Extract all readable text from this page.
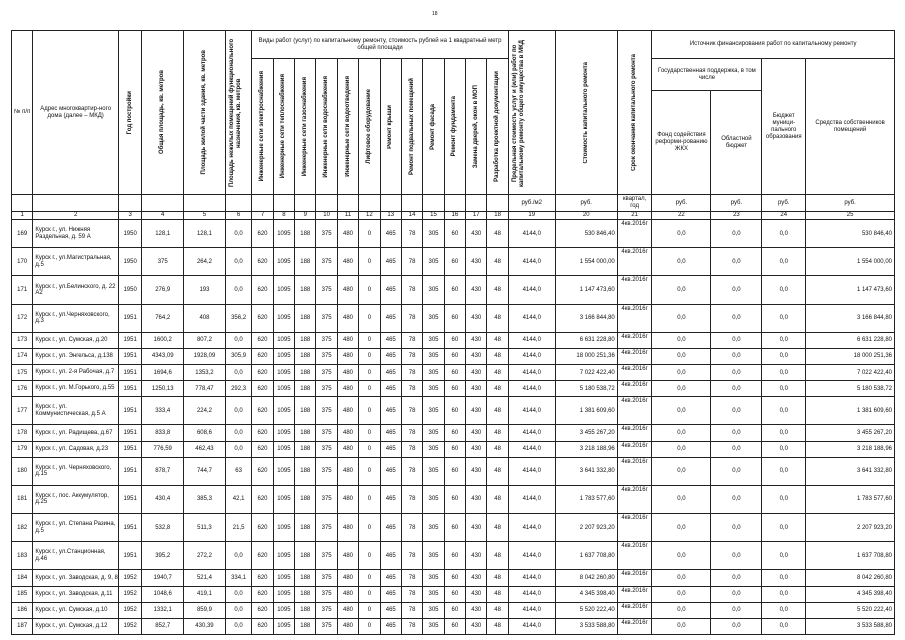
18
№ п/п	Адрес многоквартир-ного дома (далее – МКД)	Год постройки	Общая площадь, кв. метров	Площадь жилой части здания, кв. метров	Площадь нежилых помещений функционального назначения, кв. метров	Виды работ (услуг) по капитальному ремонту, стоимость рублей на 1 квадратный метр общей площади												Предельная стоимость услуг и (или) работ по капитальному ремонту общего имущества в МКД	Стоимость капитального ремонта	Срок окончания капитального ремонта	Источник финансирования работ по капитальному ремонту			

						Инженерные сети электроснабжения	Инженерные сети теплоснабжения	Инженерные сети газоснабжения	Инженерные сети водоснабжения	Инженерные сети водоотведения	Лифтовое оборудование	Ремонт крыши	Ремонт подвальных помещений	Ремонт фасада	Ремонт фундамента	Замена дверей, окон в МОП	Разработка проектной документации				Государственная поддержка, в том числе		Бюджет муници-пального образования	Средства собственников помещений
																					Фонд содействия реформи-рованию ЖКХ	Областной бюджет		
																		руб./м2	руб.	квартал, год	руб.	руб.	руб.	руб.
1	2	3	4	5	6	7	8	9	10	11	12	13	14	15	16	17	18	19	20	21	22	23	24	25
169	Курск г., ул. Нижняя Раздельная, д. 59 А	1950	128,1	128,1	0,0	620	1095	188	375	480	0	465	78	305	60	430	48	4144,0	530 846,40	4кв.2016г	0,0	0,0	0,0	530 846,40
170	Курск г., ул.Магистральная, д.5	1950	375	264,2	0,0	620	1095	188	375	480	0	465	78	305	60	430	48	4144,0	1 554 000,00	4кв.2016г	0,0	0,0	0,0	1 554 000,00
171	Курск г., ул.Белинского, д. 22 А2	1950	276,9	193	0,0	620	1095	188	375	480	0	465	78	305	60	430	48	4144,0	1 147 473,60	4кв.2016г	0,0	0,0	0,0	1 147 473,60
172	Курск г., ул.Черняховского, д.3	1951	764,2	408	356,2	620	1095	188	375	480	0	465	78	305	60	430	48	4144,0	3 166 844,80	4кв.2016г	0,0	0,0	0,0	3 166 844,80
173	Курск г., ул. Сумская, д.20	1951	1600,2	807,2	0,0	620	1095	188	375	480	0	465	78	305	60	430	48	4144,0	6 631 228,80	4кв.2016г	0,0	0,0	0,0	6 631 228,80
174	Курск г., ул. Энгельса, д.138	1951	4343,09	1928,09	305,9	620	1095	188	375	480	0	465	78	305	60	430	48	4144,0	18 000 251,36	4кв.2016г	0,0	0,0	0,0	18 000 251,36
175	Курск г., ул. 2-я Рабочая, д.7	1951	1694,6	1353,2	0,0	620	1095	188	375	480	0	465	78	305	60	430	48	4144,0	7 022 422,40	4кв.2016г	0,0	0,0	0,0	7 022 422,40
176	Курск г., ул. М.Горького, д.55	1951	1250,13	778,47	292,3	620	1095	188	375	480	0	465	78	305	60	430	48	4144,0	5 180 538,72	4кв.2016г	0,0	0,0	0,0	5 180 538,72
177	Курск г., ул. Коммунистическая, д.5 А	1951	333,4	224,2	0,0	620	1095	188	375	480	0	465	78	305	60	430	48	4144,0	1 381 609,60	4кв.2016г	0,0	0,0	0,0	1 381 609,60
178	Курск г., ул. Радищева, д.67	1951	833,8	608,6	0,0	620	1095	188	375	480	0	465	78	305	60	430	48	4144,0	3 455 267,20	4кв.2016г	0,0	0,0	0,0	3 455 267,20
179	Курск г., ул. Садовая, д.23	1951	776,59	462,43	0,0	620	1095	188	375	480	0	465	78	305	60	430	48	4144,0	3 218 188,96	4кв.2016г	0,0	0,0	0,0	3 218 188,96
180	Курск г., ул. Черняховского, д.15	1951	878,7	744,7	63	620	1095	188	375	480	0	465	78	305	60	430	48	4144,0	3 641 332,80	4кв.2016г	0,0	0,0	0,0	3 641 332,80
181	Курск г., пос. Аккумулятор, д.25	1951	430,4	385,3	42,1	620	1095	188	375	480	0	465	78	305	60	430	48	4144,0	1 783 577,60	4кв.2016г	0,0	0,0	0,0	1 783 577,60
182	Курск г., ул. Степана Разина, д.5	1951	532,8	511,3	21,5	620	1095	188	375	480	0	465	78	305	60	430	48	4144,0	2 207 923,20	4кв.2016г	0,0	0,0	0,0	2 207 923,20
183	Курск г., ул.Станционная, д.46	1951	395,2	272,2	0,0	620	1095	188	375	480	0	465	78	305	60	430	48	4144,0	1 637 708,80	4кв.2016г	0,0	0,0	0,0	1 637 708,80
184	Курск г., ул. Заводская, д. 9, 8	1952	1940,7	521,4	334,1	620	1095	188	375	480	0	465	78	305	60	430	48	4144,0	8 042 260,80	4кв.2016г	0,0	0,0	0,0	8 042 260,80
185	Курск г., ул. Заводская, д.11	1952	1048,6	419,1	0,0	620	1095	188	375	480	0	465	78	305	60	430	48	4144,0	4 345 398,40	4кв.2016г	0,0	0,0	0,0	4 345 398,40
186	Курск г., ул. Сумская, д.10	1952	1332,1	859,9	0,0	620	1095	188	375	480	0	465	78	305	60	430	48	4144,0	5 520 222,40	4кв.2016г	0,0	0,0	0,0	5 520 222,40
187	Курск г., ул. Сумская, д.12	1952	852,7	430,39	0,0	620	1095	188	375	480	0	465	78	305	60	430	48	4144,0	3 533 588,80	4кв.2016г	0,0	0,0	0,0	3 533 588,80
